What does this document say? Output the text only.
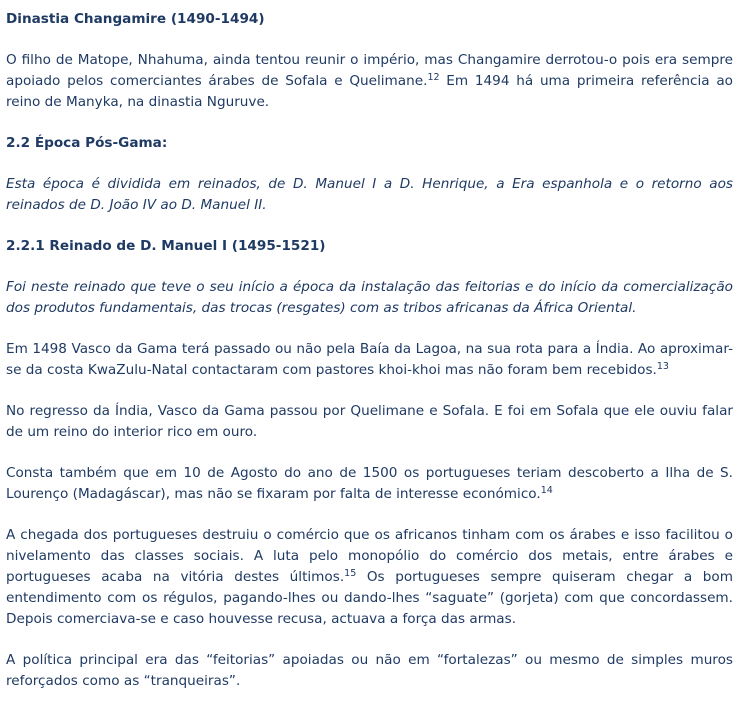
Dinastia Changamire (1490-1494)

O filho de Matope, Nhahuma, ainda tentou reunir o império, mas Changamire derrotou-o pois era sempre apoiado pelos comerciantes árabes de Sofala e Quelimane.$^{12}$ Em 1494 há uma primeira referência ao reino de Manyka, na dinastia Nguruve.

2.2 Época Pós-Gama:

Esta época é dividida em reinados, de D. Manuel I a D. Henrique, a Era espanhola e o retorno aos reinados de D. João IV ao D. Manuel II.

2.2.1 Reinado de D. Manuel I (1495-1521)

Foi neste reinado que teve o seu início a época da instalação das feitorias e do início da comercialização dos produtos fundamentais, das trocas (resgates) com as tribos africanas da África Oriental.

Em 1498 Vasco da Gama terá passado ou não pela Baía da Lagoa, na sua rota para a Índia. Ao aproximar-se da costa KwaZulu-Natal contactaram com pastores khoi-khoi mas não foram bem recebidos.$^{13}$

No regresso da Índia, Vasco da Gama passou por Quelimane e Sofala. E foi em Sofala que ele ouviu falar de um reino do interior rico em ouro.

Consta também que em 10 de Agosto do ano de 1500 os portugueses teriam descoberto a Ilha de S. Lourenço (Madagáscar), mas não se fixaram por falta de interesse económico.$^{14}$

A chegada dos portugueses destruiu o comércio que os africanos tinham com os árabes e isso facilitou o nivelamento das classes sociais. A luta pelo monopólio do comércio dos metais, entre árabes e portugueses acaba na vitória destes últimos.$^{15}$ Os portugueses sempre quiseram chegar a bom entendimento com os régulos, pagando-lhes ou dando-lhes “saguate” (gorjeta) com que concordassem. Depois comerciava-se e caso houvesse recusa, actuava a força das armas.

A política principal era das “feitorias” apoiadas ou não em “fortalezas” ou mesmo de simples muros reforçados como as “tranqueiras”.
